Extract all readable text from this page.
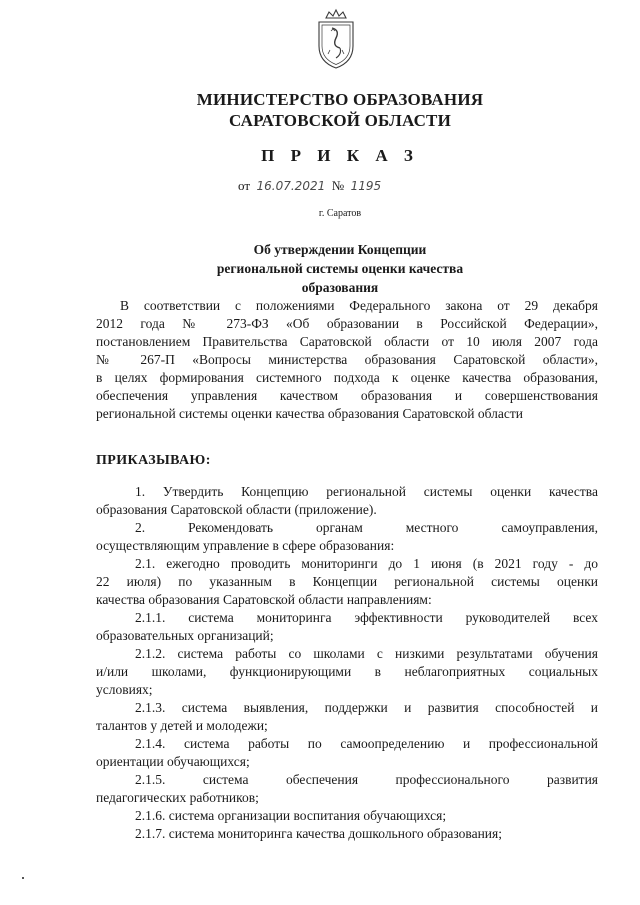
МИНИСТЕРСТВО ОБРАЗОВАНИЯ
САРАТОВСКОЙ ОБЛАСТИ
П Р И К А З
от 16.07.2021 № 1195
г. Саратов
Об утверждении Концепции
региональной системы оценки качества
образования
В соответствии с положениями Федерального закона от 29 декабря
2012 года № 273-ФЗ «Об образовании в Российской Федерации»,
постановлением Правительства Саратовской области от 10 июля 2007 года
№ 267-П «Вопросы министерства образования Саратовской области»,
в целях формирования системного подхода к оценке качества образования,
обеспечения управления качеством образования и совершенствования
региональной системы оценки качества образования Саратовской области
ПРИКАЗЫВАЮ:
1. Утвердить Концепцию региональной системы оценки качества
образования Саратовской области (приложение).
2. Рекомендовать органам местного самоуправления,
осуществляющим управление в сфере образования:
2.1. ежегодно проводить мониторинги до 1 июня (в 2021 году - до
22 июля) по указанным в Концепции региональной системы оценки
качества образования Саратовской области направлениям:
2.1.1. система мониторинга эффективности руководителей всех
образовательных организаций;
2.1.2. система работы со школами с низкими результатами обучения
и/или школами, функционирующими в неблагоприятных социальных
условиях;
2.1.3. система выявления, поддержки и развития способностей и
талантов у детей и молодежи;
2.1.4. система работы по самоопределению и профессиональной
ориентации обучающихся;
2.1.5. система обеспечения профессионального развития
педагогических работников;
2.1.6. система организации воспитания обучающихся;
2.1.7. система мониторинга качества дошкольного образования;
